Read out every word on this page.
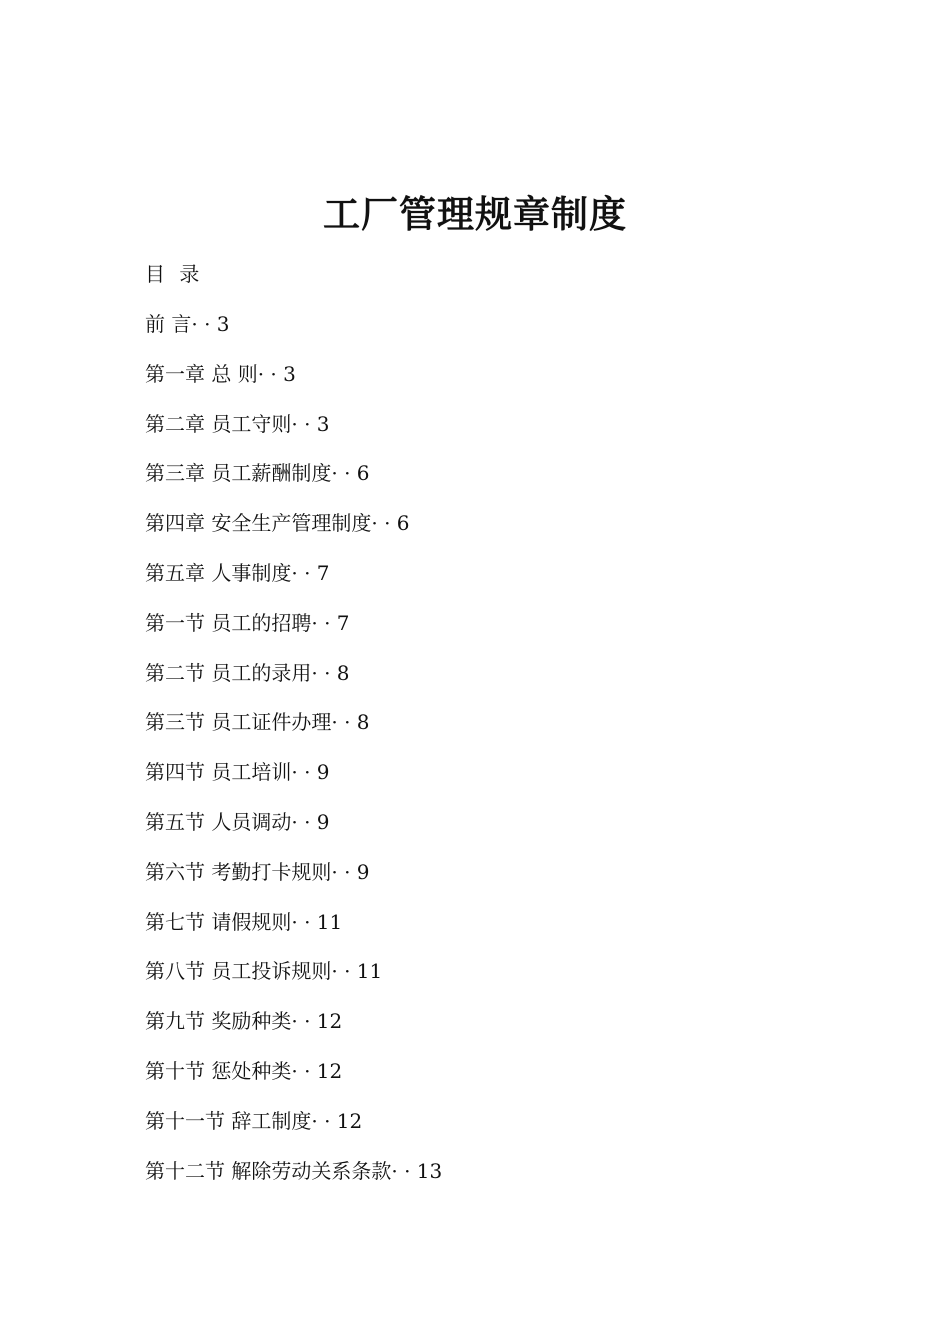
工厂管理规章制度

目 录

前 言· · 3
第一章 总 则· · 3
第二章 员工守则· · 3
第三章 员工薪酬制度· · 6
第四章 安全生产管理制度· · 6
第五章 人事制度· · 7
第一节 员工的招聘· · 7
第二节 员工的录用· · 8
第三节 员工证件办理· · 8
第四节 员工培训· · 9
第五节 人员调动· · 9
第六节 考勤打卡规则· · 9
第七节 请假规则· · 11
第八节 员工投诉规则· · 11
第九节 奖励种类· · 12
第十节 惩处种类· · 12
第十一节 辞工制度· · 12
第十二节 解除劳动关系条款· · 13
